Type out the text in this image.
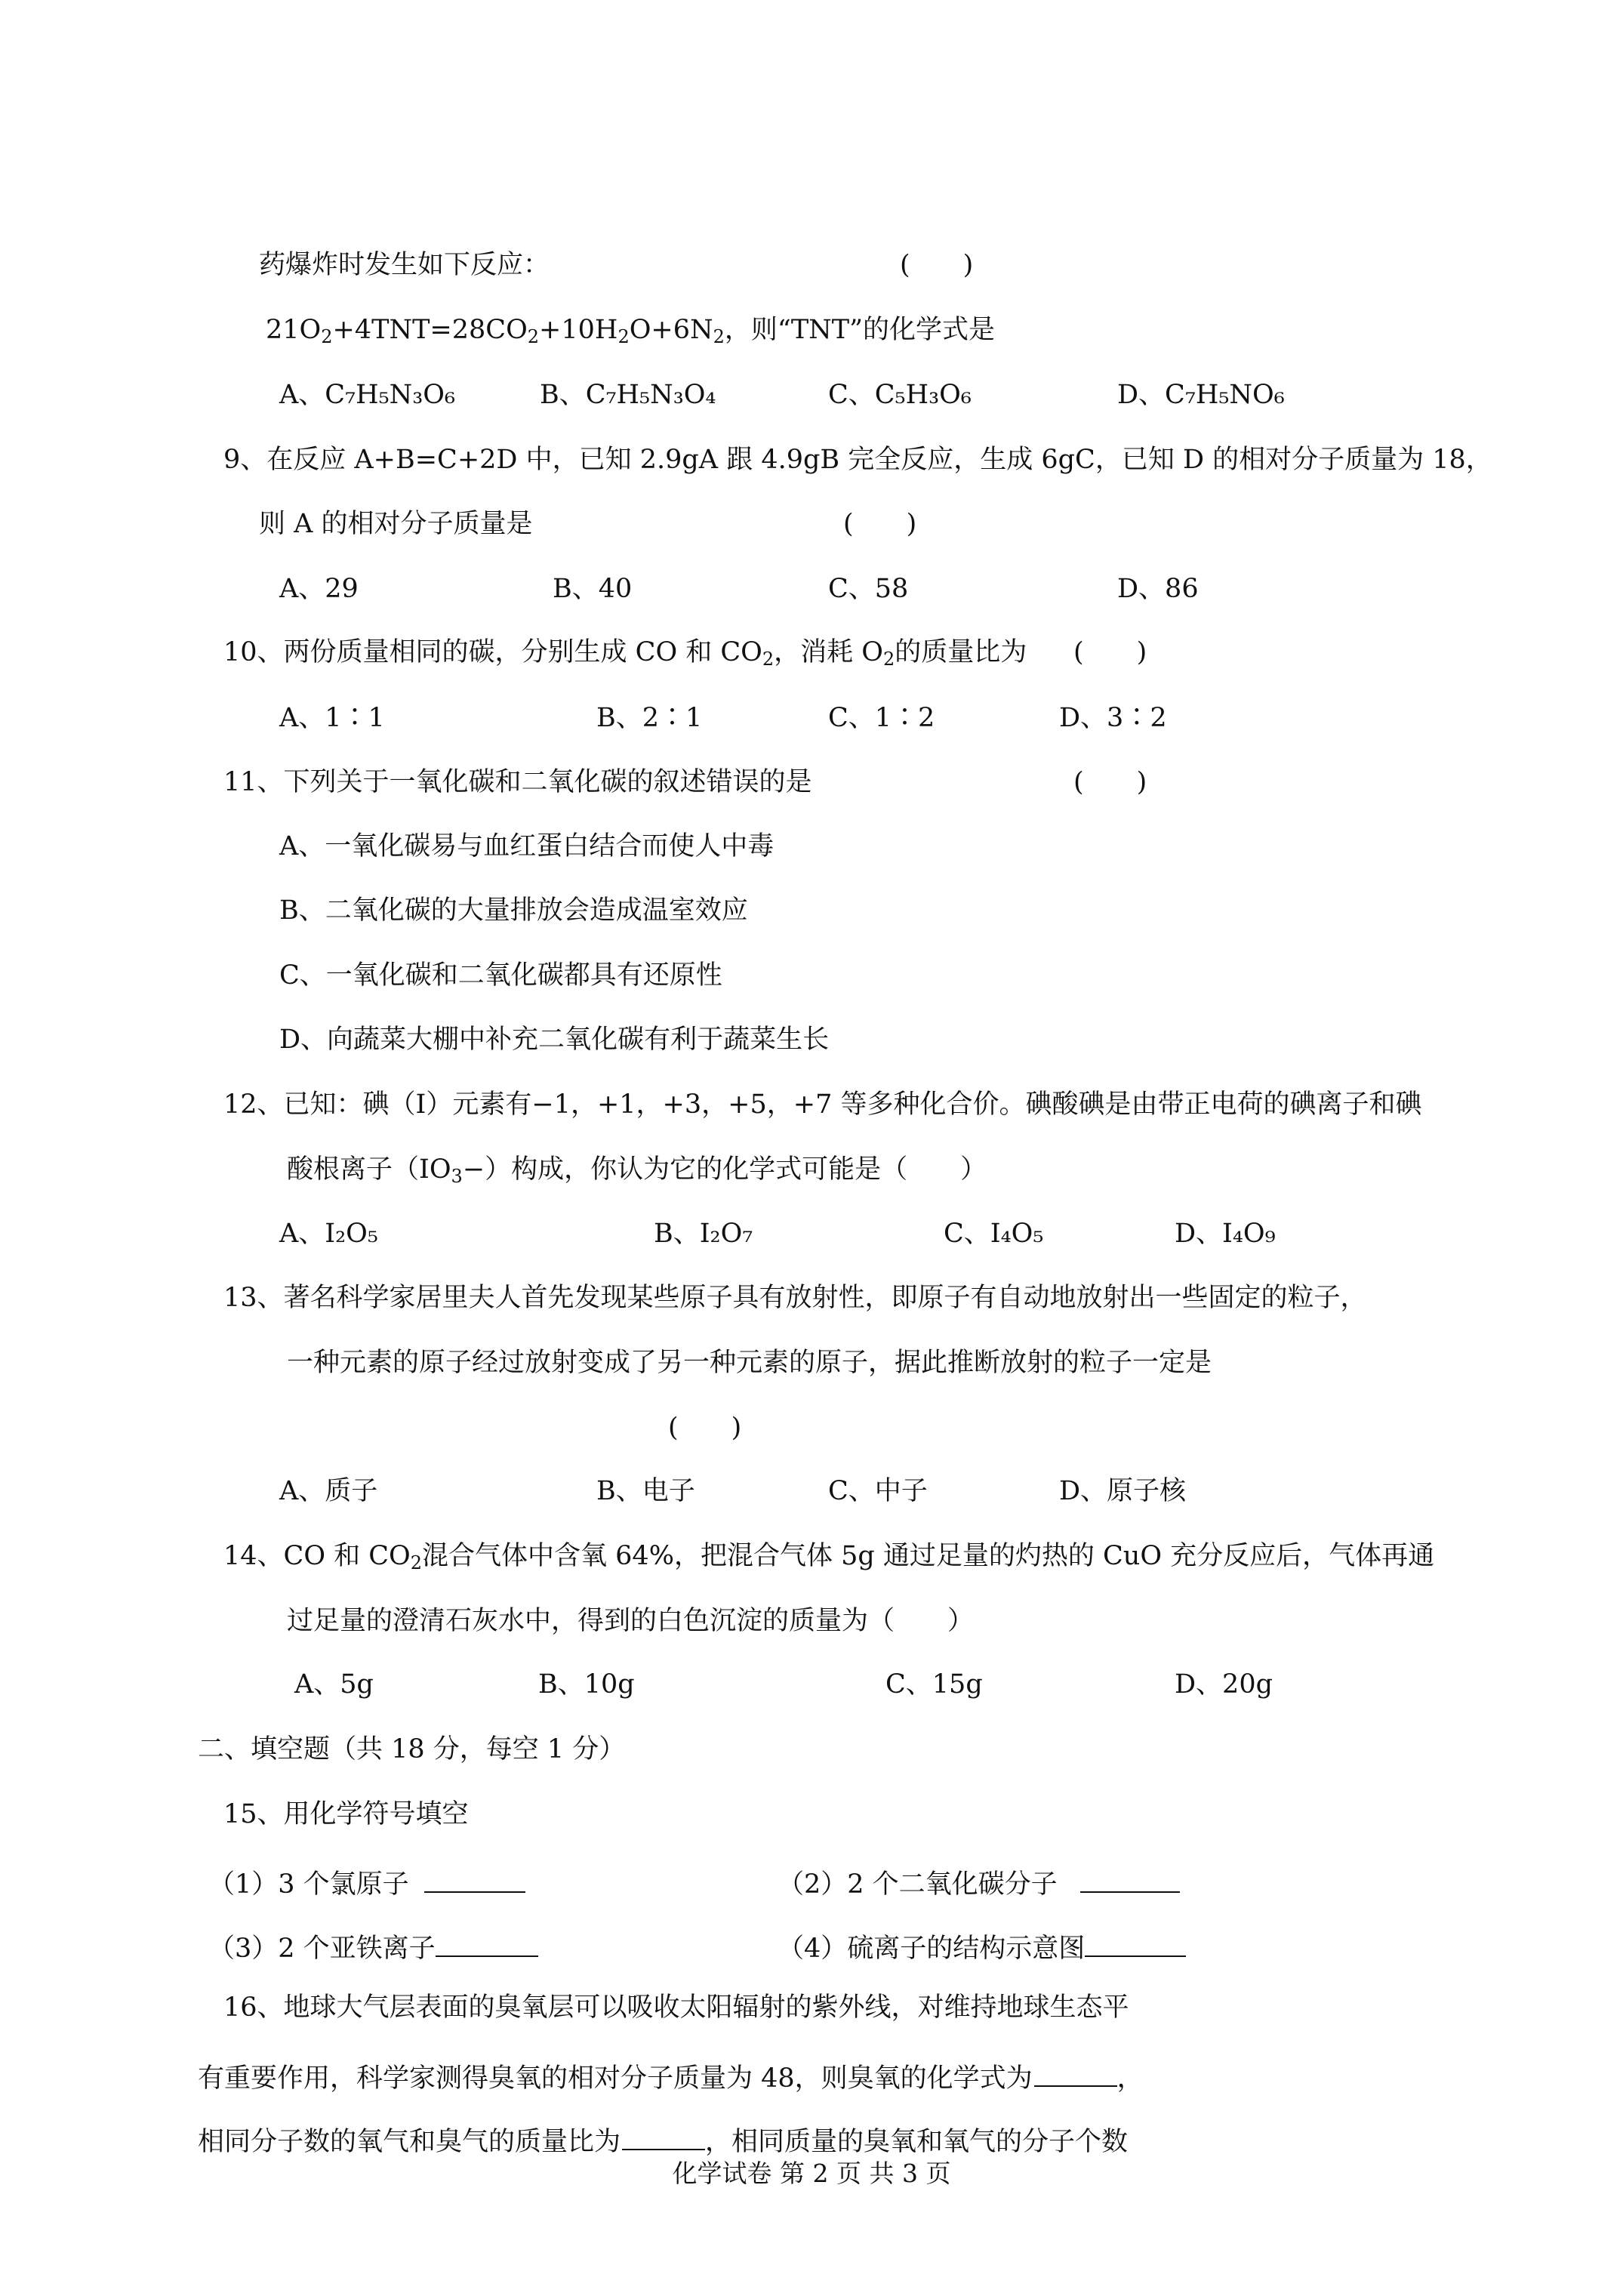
药爆炸时发生如下反应：	(　　)
$21O_2+4TNT=28CO_2+10H_2O+6N_2$，则“TNT”的化学式是
A、C₇H₅N₃O₆	B、C₇H₅N₃O₄	C、C₅H₃O₆	D、C₇H₅NO₆
9、在反应 A+B=C+2D 中，已知 2.9gA 跟 4.9gB 完全反应，生成 6gC，已知 D 的相对分子质量为 18，
则 A 的相对分子质量是	(　　)
A、29	B、40	C、58	D、86
10、两份质量相同的碳，分别生成 CO 和 $CO_2$，消耗 $O_2$的质量比为 (　　)
A、1∶1	B、2∶1	C、1∶2	D、3∶2
11、下列关于一氧化碳和二氧化碳的叙述错误的是	(　　)
A、一氧化碳易与血红蛋白结合而使人中毒
B、二氧化碳的大量排放会造成温室效应
C、一氧化碳和二氧化碳都具有还原性
D、向蔬菜大棚中补充二氧化碳有利于蔬菜生长
12、已知：碘（I）元素有−1，+1，+3，+5，+7 等多种化合价。碘酸碘是由带正电荷的碘离子和碘
酸根离子$(IO_3-)$构成，你认为它的化学式可能是（　　）
A、I₂O₅	B、I₂O₇	C、I₄O₅	D、I₄O₉
13、著名科学家居里夫人首先发现某些原子具有放射性，即原子有自动地放射出一些固定的粒子，
一种元素的原子经过放射变成了另一种元素的原子，据此推断放射的粒子一定是
(　　)
A、质子	B、电子	C、中子	D、原子核
14、CO 和 $CO_2$混合气体中含氧 64%，把混合气体 5g 通过足量的灼热的 CuO 充分反应后，气体再通
过足量的澄清石灰水中，得到的白色沉淀的质量为（　　）
A、5g	B、10g	C、15g	D、20g
二、填空题（共 18 分，每空 1 分）
15、用化学符号填空
（1）3 个氯原子	（2）2 个二氧化碳分子
（3）2 个亚铁离子	（4）硫离子的结构示意图
16、地球大气层表面的臭氧层可以吸收太阳辐射的紫外线，对维持地球生态平
有重要作用，科学家测得臭氧的相对分子质量为 48，则臭氧的化学式为	，
相同分子数的氧气和臭气的质量比为	，相同质量的臭氧和氧气的分子个数
化学试卷 第 2 页 共 3 页
